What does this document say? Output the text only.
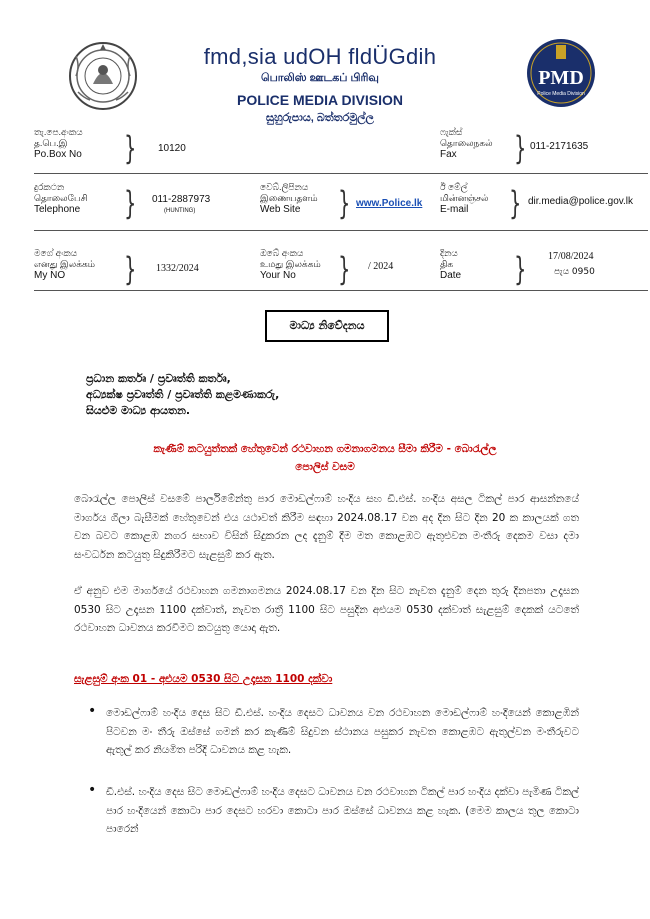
fmd,sia udOH fldÜGdih
பொலிஸ் ஊடகப் பிரிவு
POLICE MEDIA DIVISION
සුහුරුපාය, බත්තරමුල්ල
PMD
Police Media Division
තැ.පෙ.අංකය
த.பெ.இ
Po.Box No } 10120
ෆැක්ස්
தொலைநகல்
Fax	} 011-2171635
දුරකථන
தொலைபேசி
Telephone } 011-2887973
(HUNTING)
වෙබ්.ලිපිනය
இணையதளம்
Web Site	} www.Police.lk
ඊ මේල්
மின்னஞ்சல்
E-mail	} dir.media@police.gov.lk
මගේ අංකය
எனது இலக்கம்
My NO	} 1332/2024
ඔබේ අංකය
உமது இலக்கம்
Your No	} / 2024
දිනය
திக
Date } 17/08/2024
පැය 0950
මාධ්‍ය නිවේදනය
ප්‍රධාන කර්තෘ / ප්‍රවෘත්ති කර්තෘ,
අධ්‍යක්ෂ ප්‍රවෘත්ති / ප්‍රවෘත්ති කළමණාකරු,
සියළුම මාධ්‍ය ආයතන.
කැණීම් කටයුත්තක් හේතුවෙන් රථවාහන ගමනාගමනය සීමා කිරීම - බොරැල්ල
පොලිස් වසම
බොරැල්ල පොලිස් වසමේ පාර්ලිමේන්තු පාර මොඩල්ෆාම් හංදිය සහ ඩී.එස්. හංදිය අසල ටිකල් පාර ආසන්නයේ මාර්ගය ගිලා බැසීමක් හේතුවෙන් එය යථාවත් කිරීම සඳහා 2024.08.17 වන අද දින සිට දින 20 ක කාලයක් ගත වන බවට කොළඹ නගර සභාව විසින් සිදුකරන ලද දැනුම් දීම මත කොළඹට ඇතුළුවන මංතීරු දෙකම වසා දමා සංවර්ධන කටයුතු සිදුකිරීමට සැළසුම් කර ඇත.
ඒ අනුව එම මාර්ගයේ රථවාහන ගමනාගමනය 2024.08.17 වන දින සිට නැවත දැනුම් දෙන තුරු දිනපතා උදෑසන 0530 සිට උදෑසන 1100 දක්වාත්, නැවත රාත්‍රී 1100 සිට පසුදින අළුයම 0530 දක්වාත් සැළසුම් දෙකක් යටතේ රථවාහන ධාවනය කරවීමට කටයුතු යොදා ඇත.
සැළසුම් අංක 01 - අළුයම 0530 සිට උදෑසන 1100 දක්වා
• මොඩල්ෆාම් හංදිය දෙස සිට ඩී.එස්. හංදිය දෙසට ධාවනය වන රථවාහන මොඩල්ෆාම් හංදියෙන් කොළඹින් පිටවන මං තීරු ඔස්සේ ගමන් කර කැණීම් සිදුවන ස්ථානය පසුකර නැවත කොළඹට ඇතුල්වන මංතීරුවට ඇතුල් කර නියමිත පරිදි ධාවනය කළ හැක.
• ඩී.එස්. හංදිය දෙස සිට මොඩල්ෆාම් හංදිය දෙසට ධාවනය වන රථවාහන ටිකල් පාර හංදිය දක්වා පැමිණ ටිකල් පාර හංදියෙන් කොටා පාර දෙසට හරවා කොටා පාර ඔස්සේ ධාවනය කළ හැක. (මෙම කාලය තුල කොටා පාරෙන්
